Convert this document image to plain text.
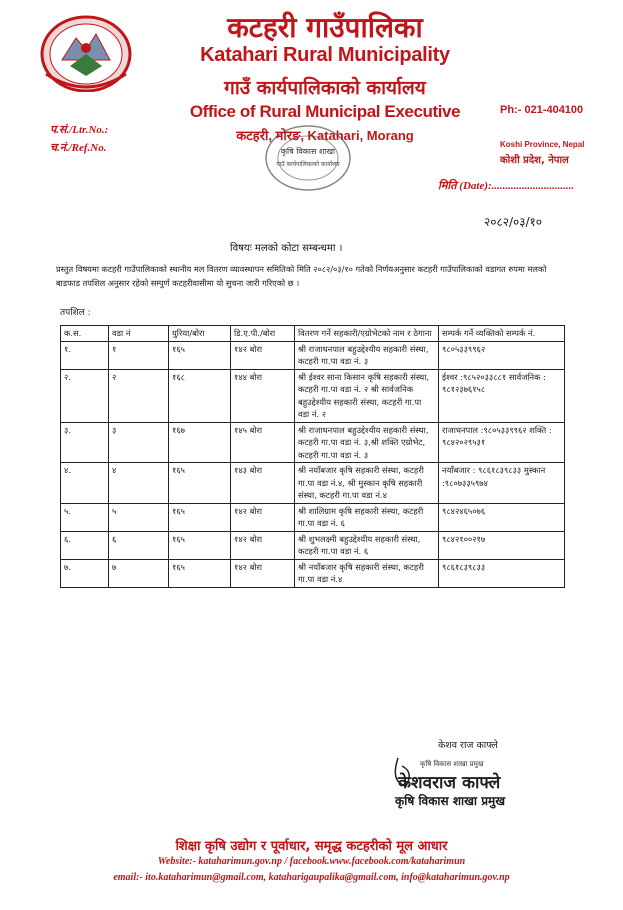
कटहरी गाउँपालिका
Katahari Rural Municipality
गाउँ कार्यपालिकाको कार्यालय
Office of Rural Municipal Executive
कटहरी, मोरङ, Katahari, Morang
प.सं./Ltr.No.:
च.नं./Ref.No.
Ph:- 021-404100
Koshi Province, Nepal
कोशी प्रदेश, नेपाल
मिति (Date):..............................
कृषि विकास शाखा
गाउँ कार्यपालिकाको कार्यालय
२०८२/०३/१०
विषयः मलको कोटा सम्बन्धमा ।
प्रस्तुत विषयमा कटहरी गाउँपालिकाको स्थानीय मल वितरण व्यावस्थापन समितिको मिति २०८२/०३/१० गतेको निर्णयअनुसार कटहरी गाउँपालिकाको वडागत रुपमा मलको बाडफाड तपशिल अनुसार रहेको सम्पुर्ण कटहरीवासीमा यो सुचना जारी गरिएको छ ।
तपशिल :
क.स.	वडा नं	युरिया/बोरा	डि.ए.पी./बोरा	वितरण गर्ने सहकारी/एग्रोभेटको नाम र ठेगाना	सम्पर्क गर्ने व्यक्तिको सम्पर्क नं.
१.	१	१६५	१४२ बोरा	श्री राजाधनपाल बहुउद्देश्यीय सहकारी संस्था, कटहरी गा.पा वडा नं. ३	९८०५३३९९६२
२.	२	१६८	१४४ बोरा	श्री ईश्वर साना किसान कृषि सहकारी संस्था, कटहरी गा.पा वडा नं. २ श्री सार्वजनिक बहुउद्देश्यीय सहकारी संस्था, कटहरी गा.पा वडा नं. २	ईश्वर :९८५२०३३८८१ सार्वजनिक : ९८१२३७६१५८
३.	३	१६७	१४५ बोरा	श्री राजाधनपाल बहुउद्देश्यीय सहकारी संस्था, कटहरी गा.पा वडा नं. ३,श्री शक्ति एग्रोभेट, कटहरी गा.पा वडा नं. ३	राजाधनपाल :९८०५३३९९६२ शक्ति : ९८४२०२९५३१
४.	४	१६५	१४३ बोरा	श्री नयाँबजार कृषि सहकारी संस्था, कटहरी गा.पा वडा नं.४, श्री मुस्कान कृषि सहकारी संस्था, कटहरी गा.पा वडा नं.४	नयाँबजार : ९८६१८३९८३३ मुस्कान :९८०७३३५९७४
५.	५	१६५	१४२ बोरा	श्री शालिग्राम कृषि सहकारी संस्था, कटहरी गा.पा वडा नं. ६	९८४२४६५०७६
६.	६	१६५	१४२ बोरा	श्री शुभलक्ष्मी बहुउद्देश्यीय सहकारी संस्था, कटहरी गा.पा वडा नं. ६	९८४२१००२१७
७.	७	१६५	१४२ बोरा	श्री नयाँबजार कृषि सहकारी संस्था, कटहरी गा.पा वडा नं.४	९८६१८३९८३३
केशव राज काफ्ले
कृषि विकास शाखा प्रमुख
केशवराज काफ्ले
कृषि विकास शाखा प्रमुख
शिक्षा कृषि उद्योग र पूर्वाधार, समृद्ध कटहरीको मूल आधार
Website:- kataharimun.gov.np / facebook.www.facebook.com/kataharimun
email:- ito.kataharimun@gmail.com, kataharigaupalika@gmail.com, info@kataharimun.gov.np
